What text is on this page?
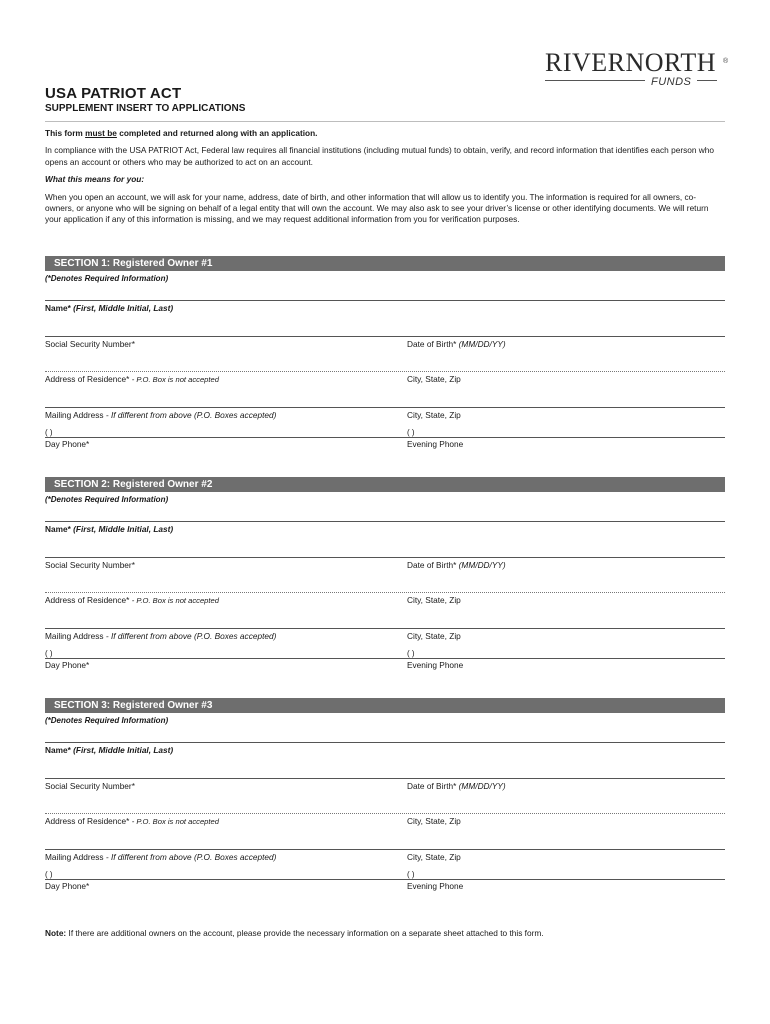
RIVERNORTH	®
FUNDS
USA PATRIOT ACT
SUPPLEMENT INSERT TO APPLICATIONS

This form must be completed and returned along with an application.

In compliance with the USA PATRIOT Act, Federal law requires all financial institutions (including mutual funds) to obtain, verify, and record information that identifies each person who opens an account or others who may be authorized to act on an account.

What this means for you:

When you open an account, we will ask for your name, address, date of birth, and other information that will allow us to identify you. The information is required for all owners, co-owners, or anyone who will be signing on behalf of a legal entity that will own the account. We may also ask to see your driver’s license or other identifying documents. We will return your application if any of this information is missing, and we may request additional information from you for verification purposes.

SECTION 1: Registered Owner #1
(*Denotes Required Information)
Name* (First, Middle Initial, Last)
Social Security Number*	Date of Birth* (MM/DD/YY)
Address of Residence* - P.O. Box is not accepted	City, State, Zip
Mailing Address - If different from above (P.O. Boxes accepted)	City, State, Zip
( )	( )
Day Phone*	Evening Phone
SECTION 2: Registered Owner #2
(*Denotes Required Information)
Name* (First, Middle Initial, Last)
Social Security Number*	Date of Birth* (MM/DD/YY)
Address of Residence* - P.O. Box is not accepted	City, State, Zip
Mailing Address - If different from above (P.O. Boxes accepted)	City, State, Zip
( )	( )
Day Phone*	Evening Phone
SECTION 3: Registered Owner #3
(*Denotes Required Information)
Name* (First, Middle Initial, Last)
Social Security Number*	Date of Birth* (MM/DD/YY)
Address of Residence* - P.O. Box is not accepted	City, State, Zip
Mailing Address - If different from above (P.O. Boxes accepted)	City, State, Zip
( )	( )
Day Phone*	Evening Phone
Note: If there are additional owners on the account, please provide the necessary information on a separate sheet attached to this form.
